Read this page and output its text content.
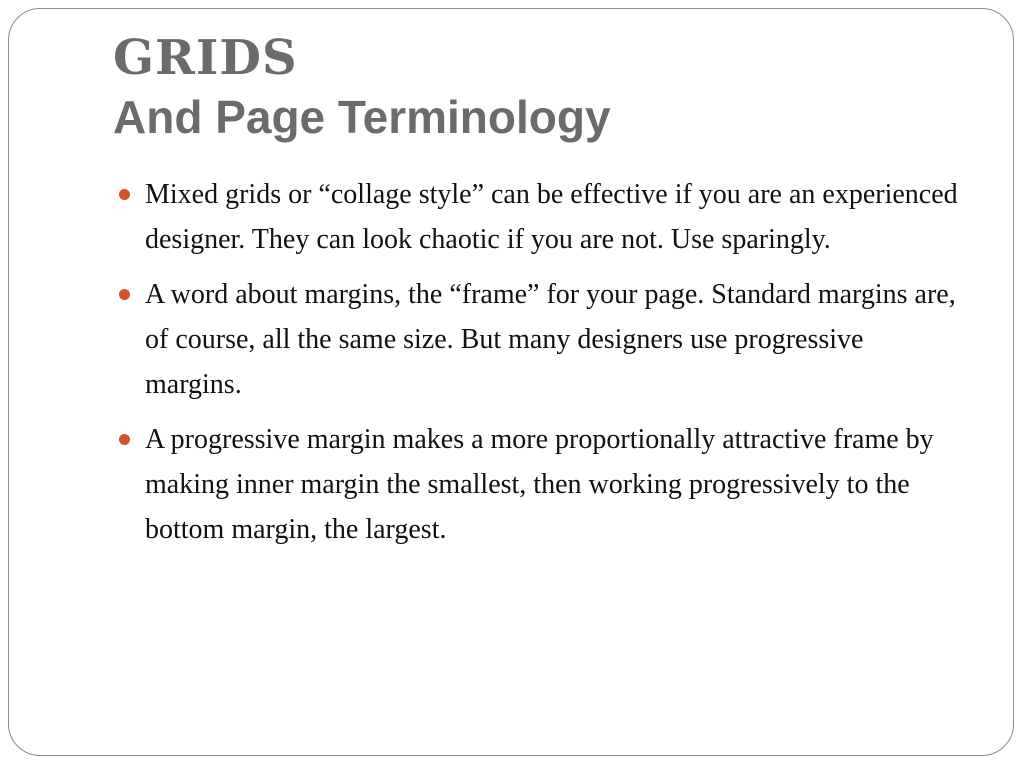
GRIDS
And Page Terminology
Mixed grids or “collage style” can be effective if you are an experienced designer. They can look chaotic if you are not. Use sparingly.
A word about margins, the “frame” for your page. Standard margins are, of course, all the same size. But many designers use progressive margins.
A progressive margin makes a more proportionally attractive frame by making inner margin the smallest, then working progressively to the bottom margin, the largest.
